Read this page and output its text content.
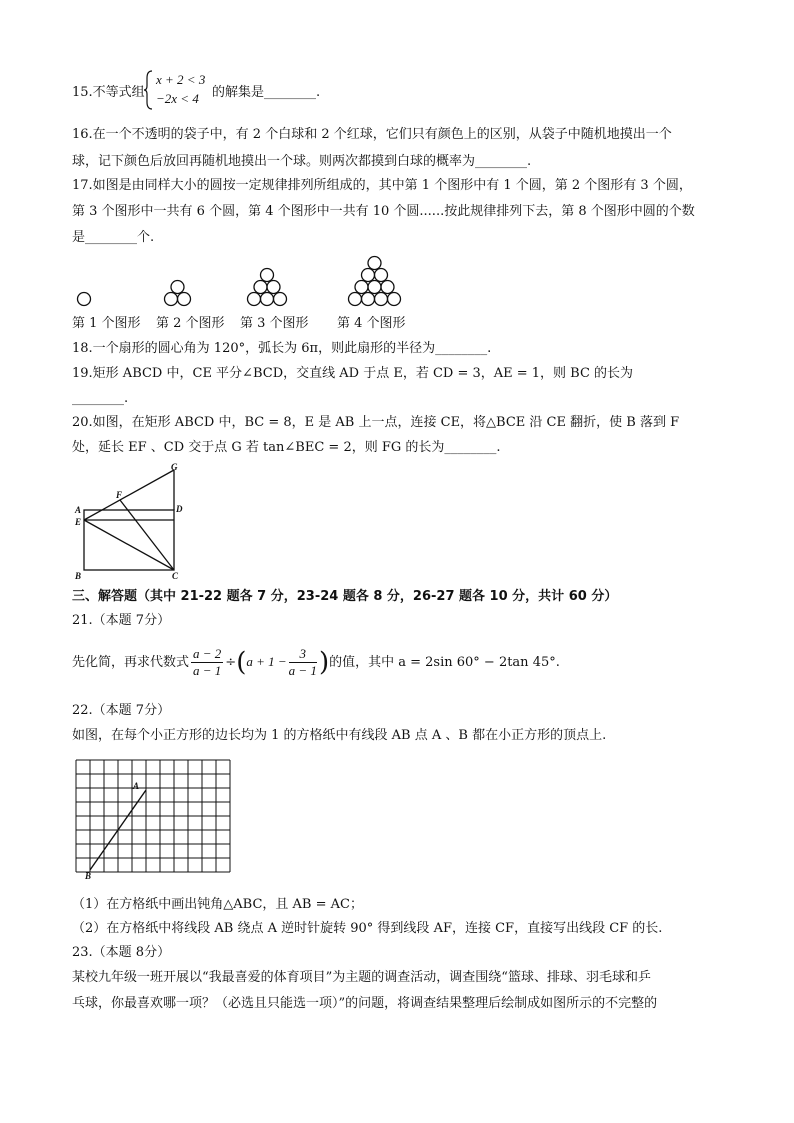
15.不等式组
x + 2 < 3
−2x < 4	的解集是________.
16.在一个不透明的袋子中，有 2 个白球和 2 个红球，它们只有颜色上的区别，从袋子中随机地摸出一个
球，记下颜色后放回再随机地摸出一个球。则两次都摸到白球的概率为________.
17.如图是由同样大小的圆按一定规律排列所组成的，其中第 1 个图形中有 1 个圆，第 2 个图形有 3 个圆，
第 3 个图形中一共有 6 个圆，第 4 个图形中一共有 10 个圆......按此规律排列下去，第 8 个图形中圆的个数
是________个.
第 1 个图形 第 2 个图形 第 3 个图形 第 4 个图形
18.一个扇形的圆心角为 120°，弧长为 6π，则此扇形的半径为________.
19.矩形 ABCD 中，CE 平分∠BCD，交直线 AD 于点 E，若 CD = 3，AE = 1，则 BC 的长为
________.
20.如图，在矩形 ABCD 中，BC = 8，E 是 AB 上一点，连接 CE，将△BCE 沿 CE 翻折，使 B 落到 F
处，延长 EF 、CD 交于点 G 若 tan∠BEC = 2，则 FG 的长为________.
A
E
B	C
D
G
F
三、解答题（其中 21-22 题各 7 分，23-24 题各 8 分，26-27 题各 10 分，共计 60 分）
21.（本题 7分）
先化简，再求代数式 $\frac{a - 2}{a - 1} \div(a + 1 - \frac{3}{a - 1}$ )的值，其中 a = 2sin 60° − 2tan 45°.
22.（本题 7分）
如图，在每个小正方形的边长均为 1 的方格纸中有线段 AB 点 A 、B 都在小正方形的顶点上.
A
B
（1）在方格纸中画出钝角△ABC，且 AB = AC；
（2）在方格纸中将线段 AB 绕点 A 逆时针旋转 90° 得到线段 AF，连接 CF，直接写出线段 CF 的长.
23.（本题 8分）
某校九年级一班开展以“我最喜爱的体育项目”为主题的调查活动，调查围绕“篮球、排球、羽毛球和乒
乓球，你最喜欢哪一项？（必选且只能选一项）”的问题，将调查结果整理后绘制成如图所示的不完整的
